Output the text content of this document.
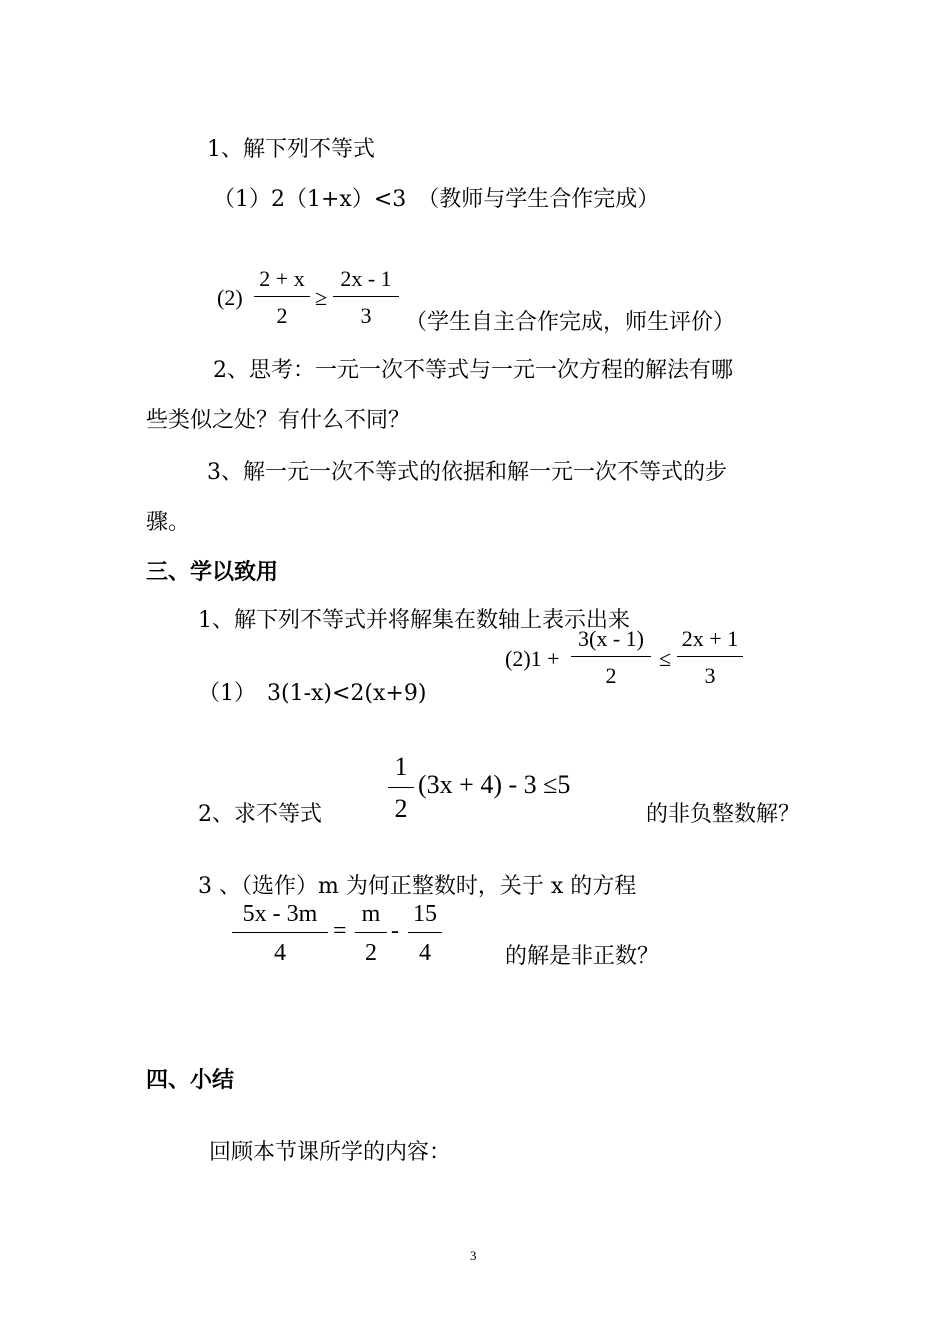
1、解下列不等式
（1）2（1+x）<3　（教师与学生合作完成）
(2)
2 + x
2
≥
2x - 1
3	（学生自主合作完成，师生评价）
2、思考：一元一次不等式与一元一次方程的解法有哪
些类似之处？有什么不同？
3、解一元一次不等式的依据和解一元一次不等式的步
骤。
三、学以致用
1、解下列不等式并将解集在数轴上表示出来
(2)1 +
3(x - 1)
2
≤
2x + 1
3
（1）　3(1-x)<2(x+9)
2、求不等式
1
2
(3x + 4) - 3 ≤5
的非负整数解？
3 、（选作）m 为何正整数时，关于 x 的方程
5x - 3m
4
=
m
2
-
15
4	的解是非正数？
四、小结
回顾本节课所学的内容：
3
